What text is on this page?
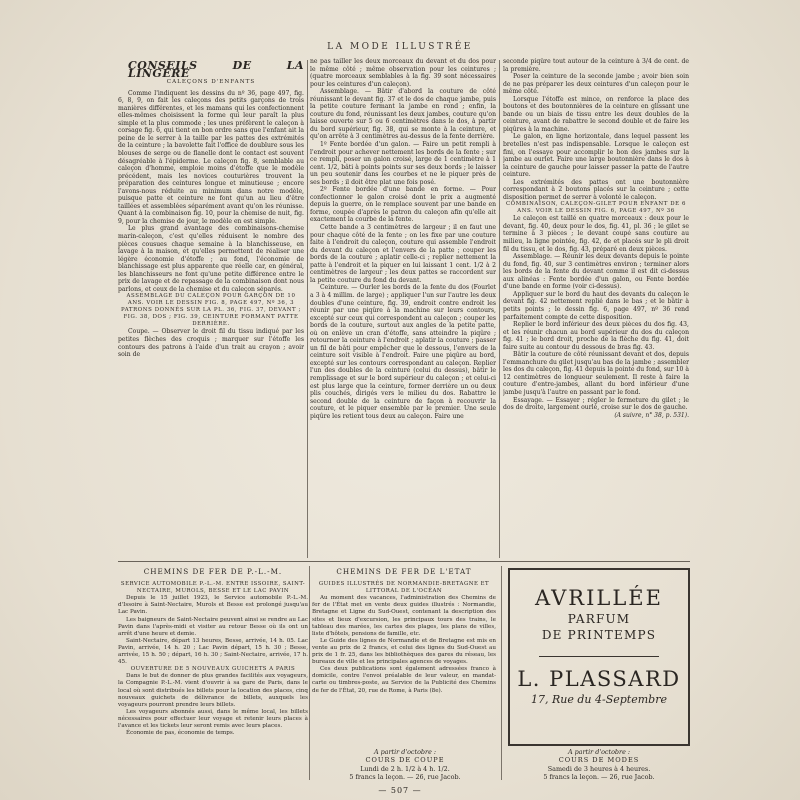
LA MODE ILLUSTRÉE
CONSEILS DE LA LINGÈRE
CALEÇONS D'ENFANTS

Comme l'indiquent les dessins du nº 36, page 497, fig. 6, 8, 9, on fait les caleçons des petits garçons de trois manières différentes, et les mamans qui les confectionnent elles-mêmes choisissent la forme qui leur paraît la plus simple et la plus commode ; les unes préfèrent le caleçon à corsage fig. 6, qui tient en bon ordre sans que l'enfant ait la peine de le serrer à la taille par les pattes des extrémités de la ceinture ; la bavolette fait l'office de doublure sous les blouses de serge ou de flanelle dont le contact est souvent désagréable à l'épiderme. Le caleçon fig. 8, semblable au caleçon d'homme, emploie moins d'étoffe que le modèle précédent, mais les novices couturières trouvent la préparation des ceintures longue et minutieuse ; encore l'avons-nous réduite au minimum dans notre modèle, puisque patte et ceinture ne font qu'un au lieu d'être taillées et assemblées séparément avant qu'on les réunisse. Quant à la combinaison fig. 10, pour la chemise de nuit, fig. 9, pour la chemise de jour, le modèle en est simple.

Le plus grand avantage des combinaisons-chemise marin-caleçon, c'est qu'elles réduisent le nombre des pièces cousues chaque semaine à la blanchisseuse, en lavage à la maison, et qu'elles permettent de réaliser une légère économie d'étoffe ; au fond, l'économie de blanchissage est plus apparente que réelle car, en général, les blanchisseurs ne font qu'une petite différence entre le prix de lavage et de repassage de la combinaison dont nous parlons, et ceux de la chemise et du caleçon séparés.

ASSEMBLAGE DU CALEÇON POUR GARÇON DE 10 ANS. VOIR LE DESSIN FIG. 8, PAGE 497, Nº 36, 3 PATRONS DONNÉS SUR LA PL. 36, FIG. 37, DEVANT ; FIG. 38, DOS ; FIG. 39, CEINTURE FORMANT PATTE DERRIÈRE.

Coupe. — Observer le droit fil du tissu indiqué par les petites flèches des croquis ; marquer sur l'étoffe les contours des patrons à l'aide d'un trait au crayon ; avoir soin de

ne pas tailler les deux morceaux du devant et du dos pour le même côté ; même observation pour les ceintures ; (quatre morceaux semblables à la fig. 39 sont nécessaires pour les ceintures d'un caleçon).

Assemblage. — Bâtir d'abord la couture de côté réunissant le devant fig. 37 et le dos de chaque jambe, puis la petite couture fermant la jambe en rond ; enfin, la couture du fond, réunissant les deux jambes, couture qu'on laisse ouverte sur 5 ou 6 centimètres dans le dos, à partir du bord supérieur, fig. 38, qui se monte à la ceinture, et qu'on arrête à 3 centimètres au-dessus de la fente derrière.

1º Fente bordée d'un galon. — Faire un petit rempli à l'endroit pour achever nettement les bords de la fente ; sur ce rempli, poser un galon croisé, large de 1 centimètre à 1 cent. 1/2, bâti à points points sur ses deux bords ; le laisser un peu soutenir dans les courbes et ne le piquer près de ses bords ; il doit être plat une fois posé.

2º Fente bordée d'une bande en forme. — Pour confectionner le galon croisé dont le prix a augmenté depuis la guerre, on le remplace souvent par une bande en forme, coupée d'après le patron du caleçon afin qu'elle ait exactement la courbe de la fente.

Cette bande a 3 centimètres de largeur ; il en faut une pour chaque côté de la fente ; on les fixe par une couture faite à l'endroit du caleçon, couture qui assemble l'endroit du devant du caleçon et l'envers de la patte ; couper les bords de la couture ; aplatir celle-ci ; replier nettement la patte à l'endroit et la piquer en lui laissant 1 cent. 1/2 à 2 centimètres de largeur ; les deux pattes se raccordent sur la petite couture du fond du devant.

Ceinture. — Ourler les bords de la fente du dos (Fourlet a 3 à 4 millim. de large) ; appliquer l'un sur l'autre les deux doubles d'une ceinture, fig. 39, endroit contre endroit les réunir par une piqûre à la machine sur leurs contours, excepté sur ceux qui correspondent au caleçon ; couper les bords de la couture, surtout aux angles de la petite patte, où on enlève un cran d'étoffe, sans atteindre la piqûre ; retourner la ceinture à l'endroit ; aplatir la couture ; passer un fil de bâti pour empêcher que le dessous, l'envers de la ceinture soit visible à l'endroit. Faire une piqûre au bord, excepté sur les contours correspondant au caleçon. Replier l'un des doubles de la ceinture (celui du dessus), bâtir le remplissage et sur le bord supérieur du caleçon ; et celui-ci est plus large que la ceinture, former derrière un ou deux plis couchés, dirigés vers le milieu du dos. Rabattre le second double de la ceinture de façon à recouvrir la couture, et le piquer ensemble par le premier. Une seule piqûre les retient tous deux au caleçon. Faire une

seconde piqûre tout autour de la ceinture à 3/4 de cent. de la première.

Poser la ceinture de la seconde jambe ; avoir bien soin de ne pas préparer les deux ceintures d'un caleçon pour le même côté.

Lorsque l'étoffe est mince, on renforce la place des boutons et des boutonnières de la ceinture en glissant une bande ou un biais de tissu entre les deux doubles de la ceinture, avant de rabattre le second double et de faire les piqûres à la machine.

Le galon, en ligne horizontale, dans lequel passent les bretelles n'est pas indispensable. Lorsque le caleçon est fini, on l'essaye pour accomplir le bon des jambes sur la jambe au ourlet. Faire une large boutonnière dans le dos à la ceinture de gauche pour laisser passer la patte de l'autre ceinture.

Les extrémités des pattes ont une boutonnière correspondant à 2 boutons placés sur la ceinture ; cette disposition permet de serrer à volonté le caleçon.

COMBINAISON, CALEÇON-GILET POUR ENFANT DE 6 ANS. VOIR LE DESSIN FIG. 6, PAGE 497, Nº 36

Le caleçon est taillé en quatre morceaux : deux pour le devant, fig. 40, deux pour le dos, fig. 41, pl. 36 ; le gilet se termine à 3 pièces ; le devant coupé sans couture au milieu, la ligne pointée, fig. 42, de et placés sur le pli droit fil du tissu, et le dos, fig. 43, préparé en deux pièces.

Assemblage. — Réunir les deux devants depuis le pointe du fond, fig. 40, sur 3 centimètres environ ; terminer alors les bords de la fente du devant comme il est dit ci-dessus aux alinéas : Fente bordée d'un galon, ou Fente bordée d'une bande en forme (voir ci-dessus).

Appliquer sur le bord du haut des devants du caleçon le devant fig. 42 nettement replié dans le bas ; et le bâtir à petits points ; le dessin fig. 6, page 497, nº 36 rend parfaitement compte de cette disposition.

Replier le bord inférieur des deux pièces du dos fig. 43, et les réunir chacun au bord supérieur du dos du caleçon fig. 41 ; le bord droit, proche de la flèche du fig. 41, doit faire suite au contour du dessous de bras fig. 43.

Bâtir la couture de côté réunissant devant et dos, depuis l'emmanchure du gilet jusqu'au bas de la jambe ; assembler les dos du caleçon, fig. 41 depuis la pointe du fond, sur 10 à 12 centimètres de longueur seulement. Il reste à faire la couture d'entre-jambes, allant du bord inférieur d'une jambe jusqu'à l'autre en passant par le fond.

Essayage. — Essayer ; régler le fermeture du gilet ; le dos de droite, largement ourlé, croise sur le dos de gauche.

(A suivre, n° 38, p. 531).

CHEMINS DE FER DE P.-L.-M.

SERVICE AUTOMOBILE P.-L.-M. ENTRE ISSOIRE, SAINT-NECTAIRE, MUROLS, BESSE ET LE LAC PAVIN

Depuis le 15 juillet 1923, le Service automobile P.-L.-M. d'Issoire à Saint-Nectaire, Murols et Besse est prolongé jusqu'au Lac Pavin.

Les baigneurs de Saint-Nectaire peuvent ainsi se rendre au Lac Pavin dans l'après-midi et visiter au retour Besse où ils ont un arrêt d'une heure et demie.

Saint-Nectaire, départ 13 heures, Besse, arrivée, 14 h. 05. Lac Pavin, arrivée, 14 h. 20 ; Lac Pavin départ, 15 h. 30 ; Besse, arrivée, 15 h. 50 ; départ, 16 h. 30 ; Saint-Nectaire, arrivée, 17 h. 45.

OUVERTURE DE 5 NOUVEAUX GUICHETS A PARIS

Dans le but de donner de plus grandes facilités aux voyageurs, la Compagnie P.-L.-M. vient d'ouvrir à sa gare de Paris, dans le local où sont distribués les billets pour la location des places, cinq nouveaux guichets de délivrance de billets, auxquels les voyageurs pourront prendre leurs billets.

Les voyageurs abonnés aussi, dans le même local, les billets nécessaires pour effectuer leur voyage et retenir leurs places à l'avance et les tickets leur seront remis avec leurs places.

Économie de pas, économie de temps.

CHEMINS DE FER DE L'ETAT

GUIDES ILLUSTRÉS DE NORMANDIE-BRETAGNE ET LITTORAL DE L'OCÉAN

Au moment des vacances, l'administration des Chemins de fer de l'État met en vente deux guides illustrés : Normandie, Bretagne et Ligne du Sud-Ouest, contenant la description des sites et lieux d'excursion, les principaux tours des trains, le tableau des marées, les cartes des plages, les plans de villes, liste d'hôtels, pensions de famille, etc.

Le Guide des lignes de Normandie et de Bretagne est mis en vente au prix de 2 francs, et celui des lignes du Sud-Ouest au prix de 1 fr. 25, dans les bibliothèques des gares du réseau, les bureaux de ville et les principales agences de voyages.

Ces deux publications sont également adressées franco à domicile, contre l'envoi préalable de leur valeur, en mandat-carte ou timbres-poste, au Service de la Publicité des Chemins de fer de l'État, 20, rue de Rome, à Paris (8e).

AVRILLÉE
PARFUM
DE PRINTEMPS
L. PLASSARD
17, Rue du 4-Septembre
A partir d'octobre :
COURS DE COUPE
Lundi de 2 h. 1/2 à 4 h. 1/2.
5 francs la leçon. — 26, rue Jacob.
A partir d'octobre :
COURS DE MODES
Samedi de 3 heures à 4 heures.
5 francs la leçon. — 26, rue Jacob.
— 507 —
